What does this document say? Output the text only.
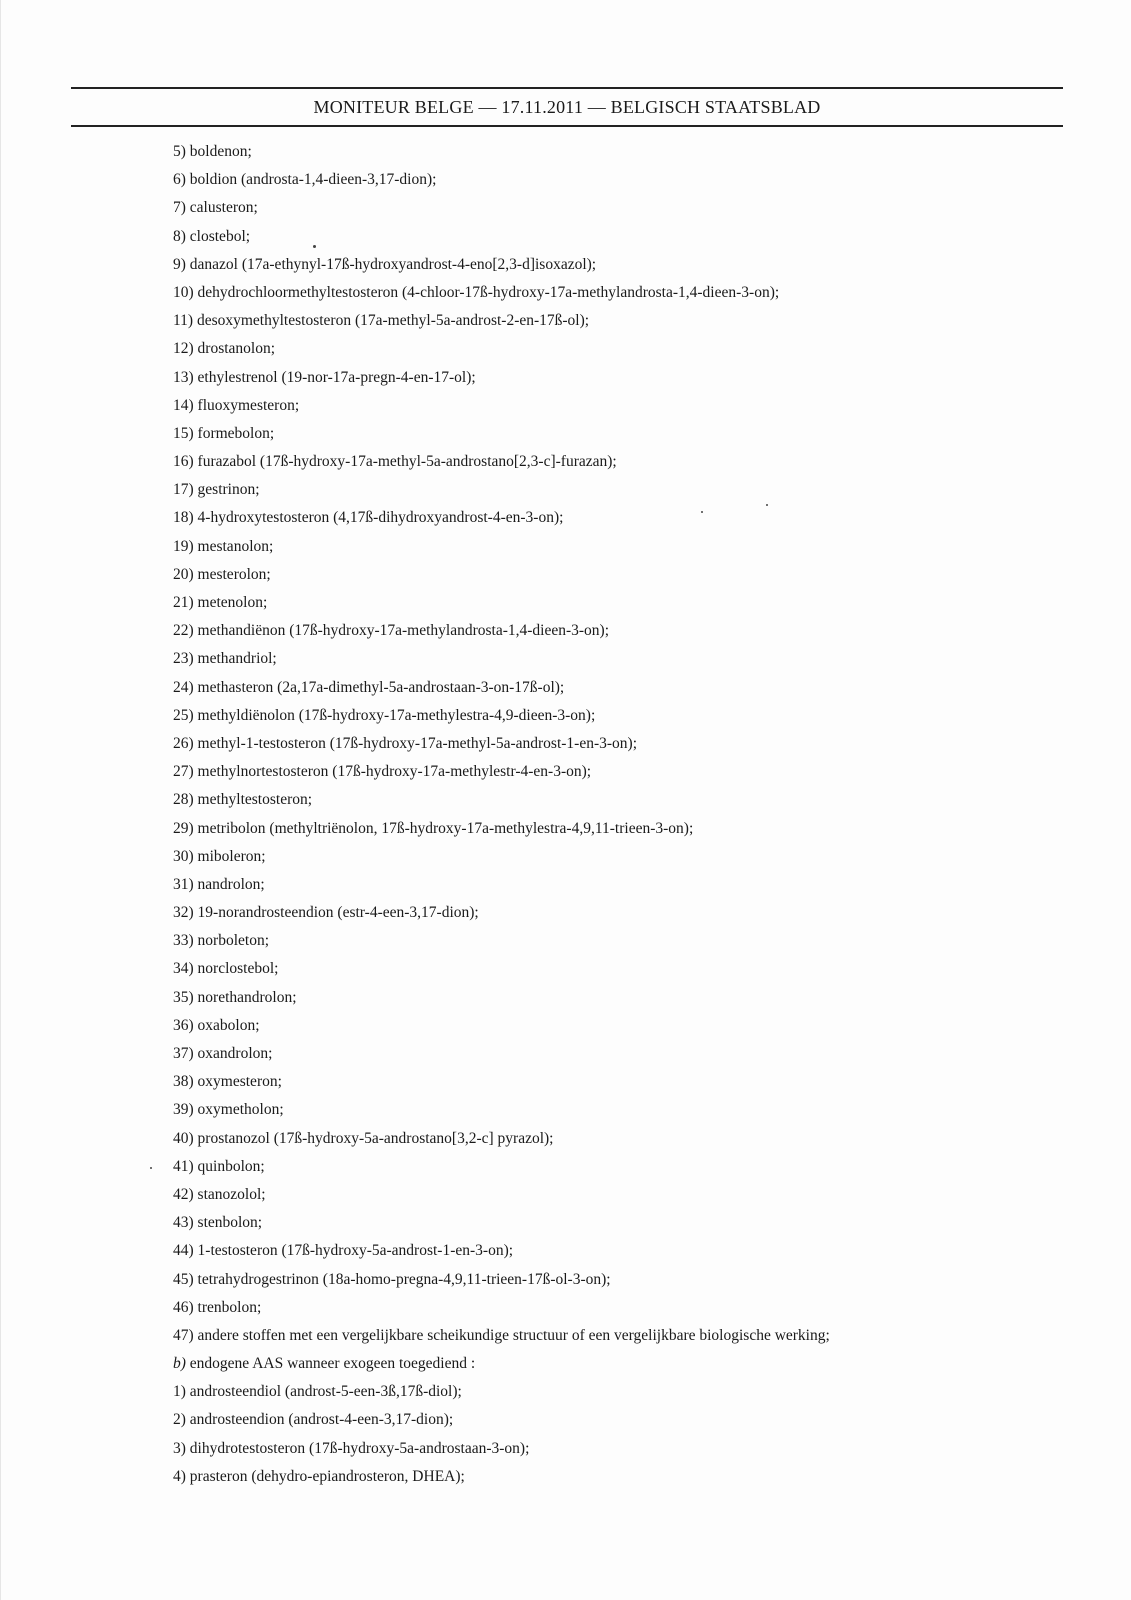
MONITEUR BELGE — 17.11.2011 — BELGISCH STAATSBLAD
5) boldenon;
6) boldion (androsta-1,4-dieen-3,17-dion);
7) calusteron;
8) clostebol;
9) danazol (17a-ethynyl-17ß-hydroxyandrost-4-eno[2,3-d]isoxazol);
10) dehydrochloormethyltestosteron (4-chloor-17ß-hydroxy-17a-methylandrosta-1,4-dieen-3-on);
11) desoxymethyltestosteron (17a-methyl-5a-androst-2-en-17ß-ol);
12) drostanolon;
13) ethylestrenol (19-nor-17a-pregn-4-en-17-ol);
14) fluoxymesteron;
15) formebolon;
16) furazabol (17ß-hydroxy-17a-methyl-5a-androstano[2,3-c]-furazan);
17) gestrinon;
18) 4-hydroxytestosteron (4,17ß-dihydroxyandrost-4-en-3-on);
19) mestanolon;
20) mesterolon;
21) metenolon;
22) methandiënon (17ß-hydroxy-17a-methylandrosta-1,4-dieen-3-on);
23) methandriol;
24) methasteron (2a,17a-dimethyl-5a-androstaan-3-on-17ß-ol);
25) methyldiënolon (17ß-hydroxy-17a-methylestra-4,9-dieen-3-on);
26) methyl-1-testosteron (17ß-hydroxy-17a-methyl-5a-androst-1-en-3-on);
27) methylnortestosteron (17ß-hydroxy-17a-methylestr-4-en-3-on);
28) methyltestosteron;
29) metribolon (methyltriënolon, 17ß-hydroxy-17a-methylestra-4,9,11-trieen-3-on);
30) miboleron;
31) nandrolon;
32) 19-norandrosteendion (estr-4-een-3,17-dion);
33) norboleton;
34) norclostebol;
35) norethandrolon;
36) oxabolon;
37) oxandrolon;
38) oxymesteron;
39) oxymetholon;
40) prostanozol (17ß-hydroxy-5a-androstano[3,2-c] pyrazol);
41) quinbolon;
42) stanozolol;
43) stenbolon;
44) 1-testosteron (17ß-hydroxy-5a-androst-1-en-3-on);
45) tetrahydrogestrinon (18a-homo-pregna-4,9,11-trieen-17ß-ol-3-on);
46) trenbolon;
47) andere stoffen met een vergelijkbare scheikundige structuur of een vergelijkbare biologische werking;
b) endogene AAS wanneer exogeen toegediend :
1) androsteendiol (androst-5-een-3ß,17ß-diol);
2) androsteendion (androst-4-een-3,17-dion);
3) dihydrotestosteron (17ß-hydroxy-5a-androstaan-3-on);
4) prasteron (dehydro-epiandrosteron, DHEA);
